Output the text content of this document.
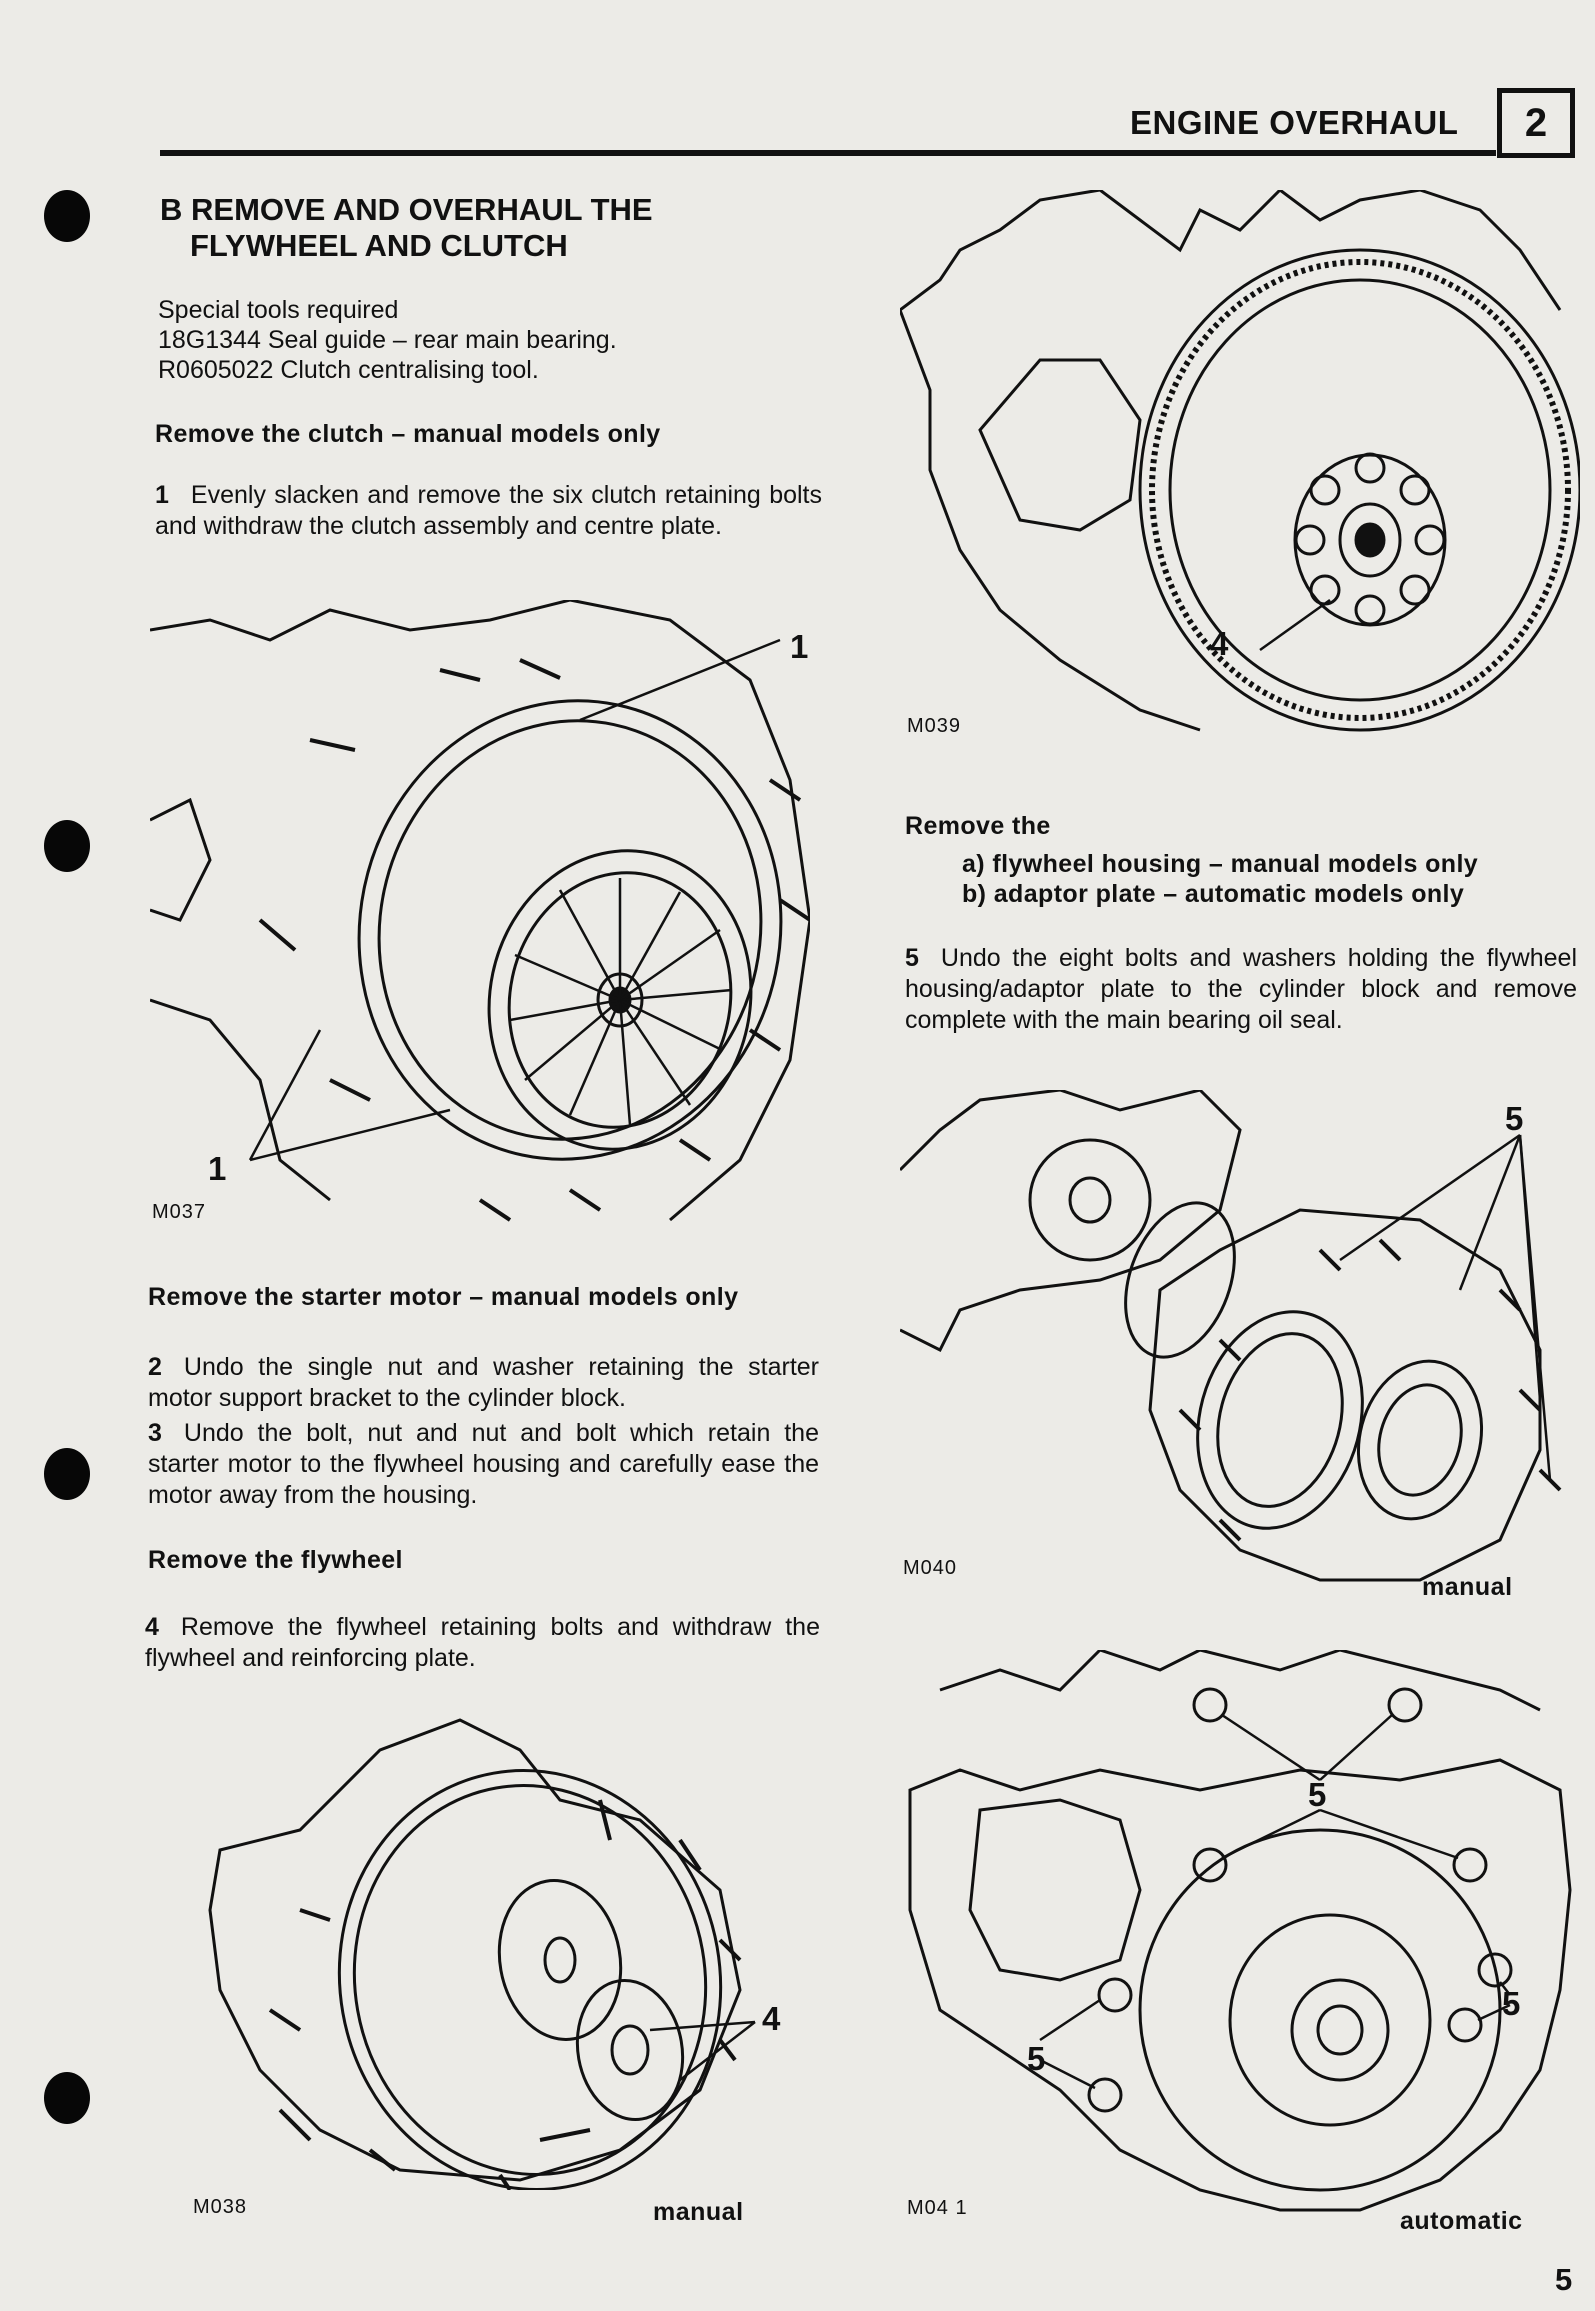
ENGINE OVERHAUL	2
B REMOVE AND OVERHAUL THE
FLYWHEEL AND CLUTCH
Special tools required
18G1344 Seal guide – rear main bearing.
R0605022 Clutch centralising tool.
Remove the clutch – manual models only
1 Evenly slacken and remove the six clutch retaining bolts and withdraw the clutch assembly and centre plate.
1
1
M037
Remove the starter motor – manual models only
2 Undo the single nut and washer retaining the starter motor support bracket to the cylinder block.
3 Undo the bolt, nut and nut and bolt which retain the starter motor to the flywheel housing and carefully ease the motor away from the housing.
Remove the flywheel
4 Remove the flywheel retaining bolts and withdraw the flywheel and reinforcing plate.
4
M038	manual
4
M039
Remove the
a) flywheel housing – manual models only
b) adaptor plate – automatic models only
5 Undo the eight bolts and washers holding the flywheel housing/adaptor plate to the cylinder block and remove complete with the main bearing oil seal.
5
M040
manual
5
5
5
M04 1	automatic
5
